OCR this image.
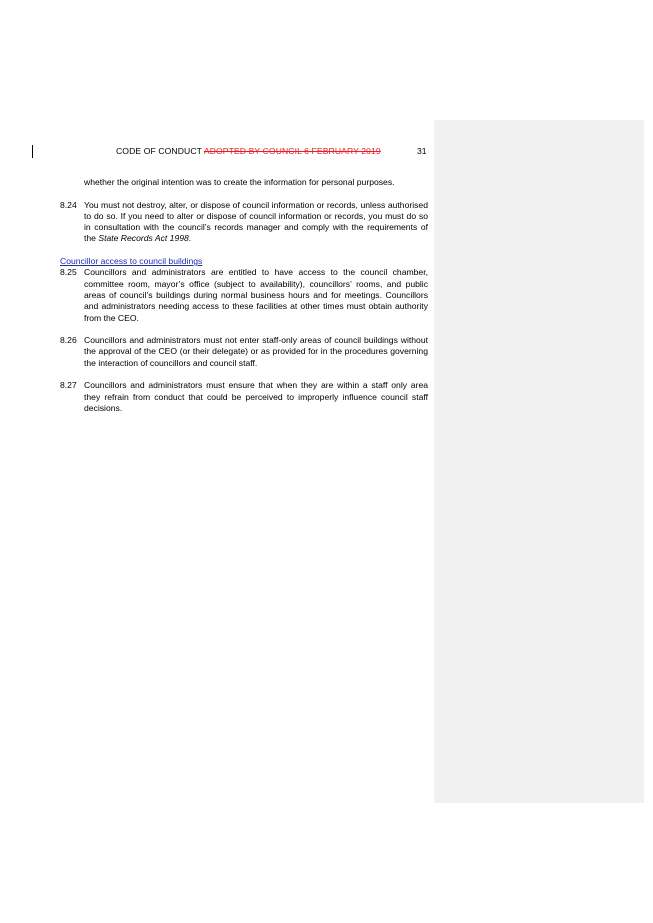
CODE OF CONDUCT ADOPTED BY COUNCIL 6 FEBRUARY 2019	31
whether the original intention was to create the information for personal purposes.
8.24 You must not destroy, alter, or dispose of council information or records, unless authorised to do so. If you need to alter or dispose of council information or records, you must do so in consultation with the council’s records manager and comply with the requirements of the State Records Act 1998.
Councillor access to council buildings
8.25 Councillors and administrators are entitled to have access to the council chamber, committee room, mayor’s office (subject to availability), councillors’ rooms, and public areas of council’s buildings during normal business hours and for meetings. Councillors and administrators needing access to these facilities at other times must obtain authority from the CEO.
8.26 Councillors and administrators must not enter staff-only areas of council buildings without the approval of the CEO (or their delegate) or as provided for in the procedures governing the interaction of councillors and council staff.
8.27 Councillors and administrators must ensure that when they are within a staff only area they refrain from conduct that could be perceived to improperly influence council staff decisions.
